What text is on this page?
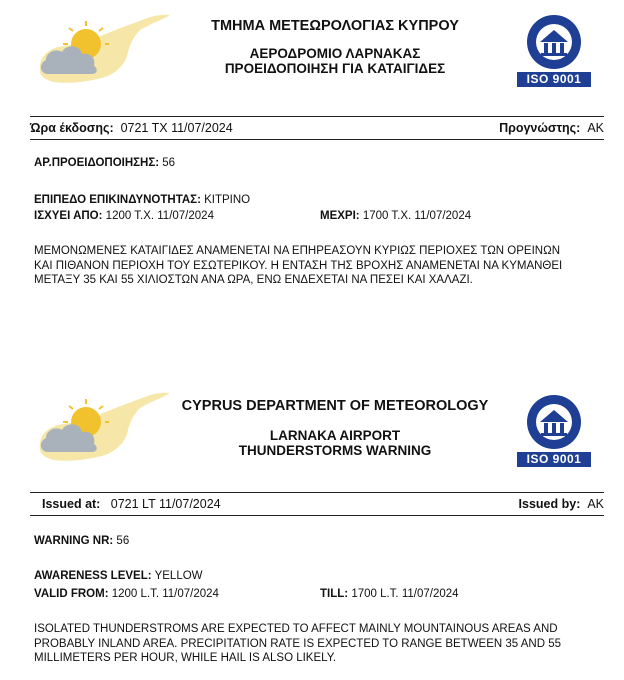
ΤΜΗΜΑ ΜΕΤΕΩΡΟΛΟΓΙΑΣ ΚΥΠΡΟΥ
ΑΕΡΟΔΡΟΜΙΟ ΛΑΡΝΑΚΑΣ
ΠΡΟΕΙΔΟΠΟΙΗΣΗ ΓΙΑ ΚΑΤΑΙΓΙΔΕΣ
ISO 9001
Ώρα έκδοσης: 0721 ΤΧ 11/07/2024	Προγνώστης: ΑΚ
ΑΡ.ΠΡΟΕΙΔΟΠΟΙΗΣΗΣ: 56
ΕΠΙΠΕΔΟ ΕΠΙΚΙΝΔΥΝΟΤΗΤΑΣ: ΚΙΤΡΙΝΟ
ΙΣΧΥΕΙ ΑΠΟ: 1200 Τ.Χ. 11/07/2024	ΜΕΧΡΙ: 1700 Τ.Χ. 11/07/2024
ΜΕΜΟΝΩΜΕΝΕΣ ΚΑΤΑΙΓΙΔΕΣ ΑΝΑΜΕΝΕΤΑΙ ΝΑ ΕΠΗΡΕΑΣΟΥΝ ΚΥΡΙΩΣ ΠΕΡΙΟΧΕΣ ΤΩΝ ΟΡΕΙΝΩΝ
ΚΑΙ ΠΙΘΑΝΟΝ ΠΕΡΙΟΧΗ ΤΟΥ ΕΣΩΤΕΡΙΚΟΥ. Η ΕΝΤΑΣΗ ΤΗΣ ΒΡΟΧΗΣ ΑΝΑΜΕΝΕΤΑΙ ΝΑ ΚΥΜΑΝΘΕΙ
ΜΕΤΑΞΥ 35 ΚΑΙ 55 ΧΙΛΙΟΣΤΩΝ ΑΝΑ ΩΡΑ, ΕΝΩ ΕΝΔΕΧΕΤΑΙ ΝΑ ΠΕΣΕΙ ΚΑΙ ΧΑΛΑΖΙ.
CYPRUS DEPARTMENT OF METEOROLOGY
LARNAKA AIRPORT
THUNDERSTORMS WARNING
ISO 9001
Issued at: 0721 LT 11/07/2024	Issued by: AK
WARNING NR: 56
AWARENESS LEVEL: YELLOW
VALID FROM: 1200 L.T. 11/07/2024	TILL: 1700 L.T. 11/07/2024
ISOLATED THUNDERSTROMS ARE EXPECTED TO AFFECT MAINLY MOUNTAINOUS AREAS AND
PROBABLY INLAND AREA. PRECIPITATION RATE IS EXPECTED TO RANGE BETWEEN 35 AND 55
MILLIMETERS PER HOUR, WHILE HAIL IS ALSO LIKELY.
